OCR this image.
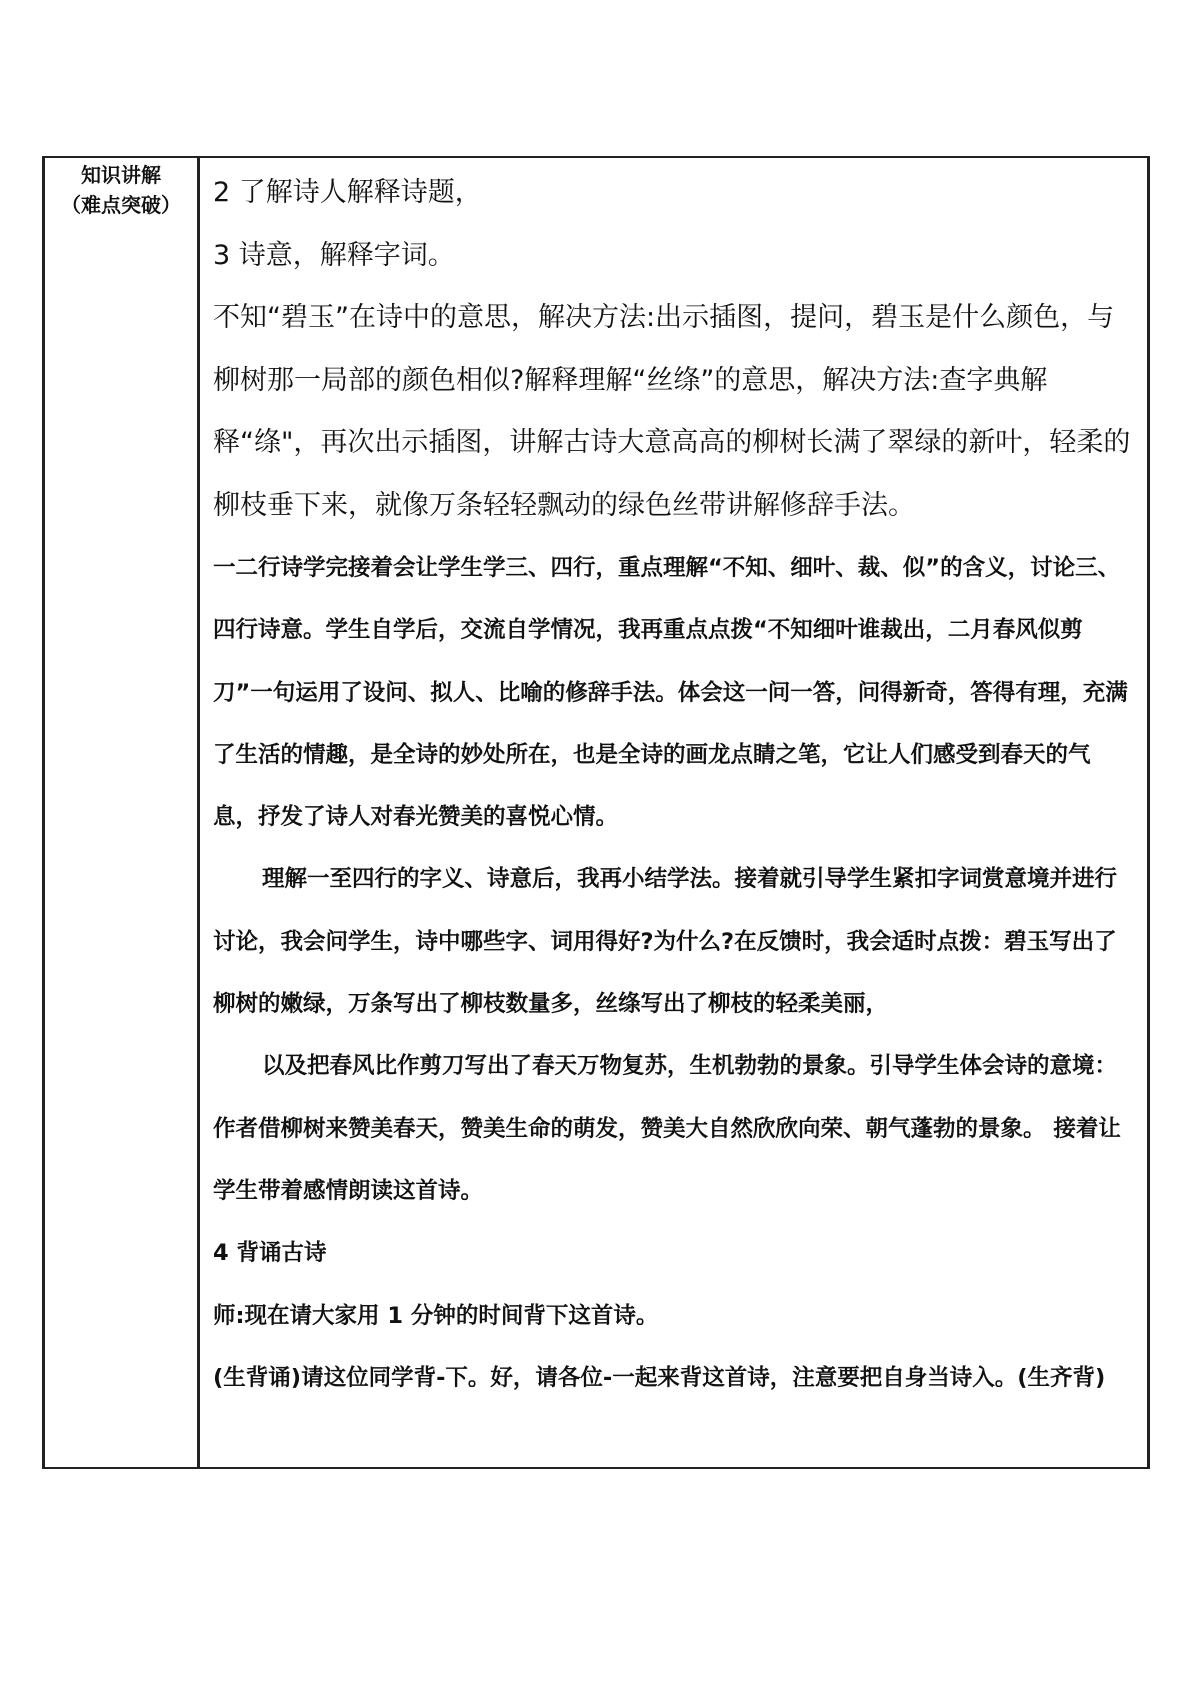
知识讲解
（难点突破）	2 了解诗人解释诗题，

3 诗意，解释字词。

不知“碧玉”在诗中的意思，解决方法:出示插图，提问，碧玉是什么颜色，与柳树那一局部的颜色相似?解释理解“丝绦”的意思，解决方法:查字典解释“绦"，再次出示插图，讲解古诗大意高高的柳树长满了翠绿的新叶，轻柔的柳枝垂下来，就像万条轻轻飘动的绿色丝带讲解修辞手法。

一二行诗学完接着会让学生学三、四行，重点理解“不知、细叶、裁、似”的含义，讨论三、四行诗意。学生自学后，交流自学情况，我再重点点拨“不知细叶谁裁出，二月春风似剪刀”一句运用了设问、拟人、比喻的修辞手法。体会这一问一答，问得新奇，答得有理，充满了生活的情趣，是全诗的妙处所在，也是全诗的画龙点睛之笔，它让人们感受到春天的气息，抒发了诗人对春光赞美的喜悦心情。

理解一至四行的字义、诗意后，我再小结学法。接着就引导学生紧扣字词赏意境并进行讨论，我会问学生，诗中哪些字、词用得好?为什么?在反馈时，我会适时点拨：碧玉写出了柳树的嫩绿，万条写出了柳枝数量多，丝绦写出了柳枝的轻柔美丽，

以及把春风比作剪刀写出了春天万物复苏，生机勃勃的景象。引导学生体会诗的意境：作者借柳树来赞美春天，赞美生命的萌发，赞美大自然欣欣向荣、朝气蓬勃的景象。 接着让学生带着感情朗读这首诗。

4 背诵古诗

师:现在请大家用 1 分钟的时间背下这首诗。

(生背诵)请这位同学背-下。好，请各位-一起来背这首诗，注意要把自身当诗入。(生齐背)
